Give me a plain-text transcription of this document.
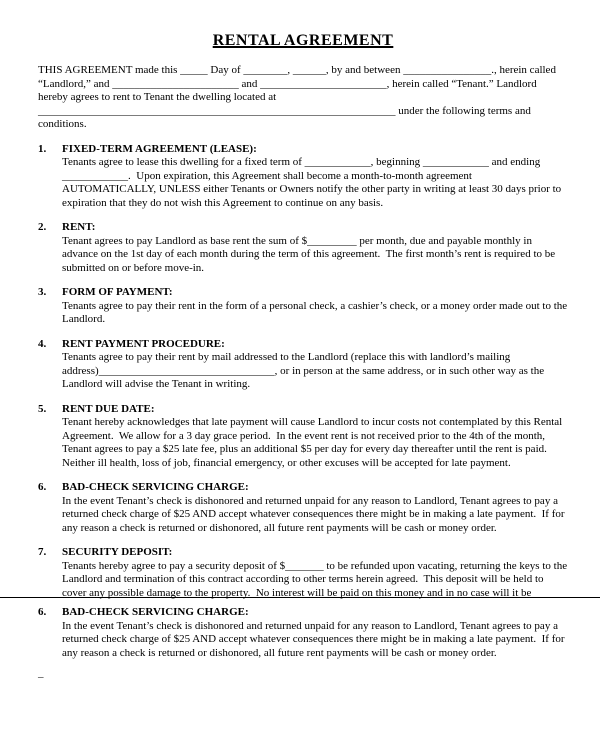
RENTAL AGREEMENT

THIS AGREEMENT made this _____ Day of ________, ______, by and between ________________., herein called “Landlord,” and _______________________ and _______________________, herein called “Tenant.” Landlord hereby agrees to rent to Tenant the dwelling located at _________________________________________________________________ under the following terms and conditions.

1.	FIXED-TERM AGREEMENT (LEASE):
Tenants agree to lease this dwelling for a fixed term of ____________, beginning ____________ and ending ____________.  Upon expiration, this Agreement shall become a month-to-month agreement AUTOMATICALLY, UNLESS either Tenants or Owners notify the other party in writing at least 30 days prior to expiration that they do not wish this Agreement to continue on any basis.
2.	RENT:
Tenant agrees to pay Landlord as base rent the sum of $_________ per month, due and payable monthly in advance on the 1st day of each month during the term of this agreement.  The first month’s rent is required to be submitted on or before move-in.
3.	FORM OF PAYMENT:
Tenants agree to pay their rent in the form of a personal check, a cashier’s check, or a money order made out to the Landlord.
4.	RENT PAYMENT PROCEDURE:
Tenants agree to pay their rent by mail addressed to the Landlord (replace this with landlord’s mailing address)________________________________, or in person at the same address, or in such other way as the Landlord will advise the Tenant in writing.
5.	RENT DUE DATE:
Tenant hereby acknowledges that late payment will cause Landlord to incur costs not contemplated by this Rental Agreement.  We allow for a 3 day grace period.  In the event rent is not received prior to the 4th of the month, Tenant agrees to pay a $25 late fee, plus an additional $5 per day for every day thereafter until the rent is paid.  Neither ill health, loss of job, financial emergency, or other excuses will be accepted for late payment.
6.	BAD-CHECK SERVICING CHARGE:
In the event Tenant’s check is dishonored and returned unpaid for any reason to Landlord, Tenant agrees to pay a returned check charge of $25 AND accept whatever consequences there might be in making a late payment.  If for any reason a check is returned or dishonored, all future rent payments will be cash or money order.
7.	SECURITY DEPOSIT:
Tenants hereby agree to pay a security deposit of $_______ to be refunded upon vacating, returning the keys to the Landlord and termination of this contract according to other terms herein agreed.  This deposit will be held to cover any possible damage to the property.  No interest will be paid on this money and in no case will it be
6.	BAD-CHECK SERVICING CHARGE:
In the event Tenant’s check is dishonored and returned unpaid for any reason to Landlord, Tenant agrees to pay a returned check charge of $25 AND accept whatever consequences there might be in making a late payment.  If for any reason a check is returned or dishonored, all future rent payments will be cash or money order.
–
